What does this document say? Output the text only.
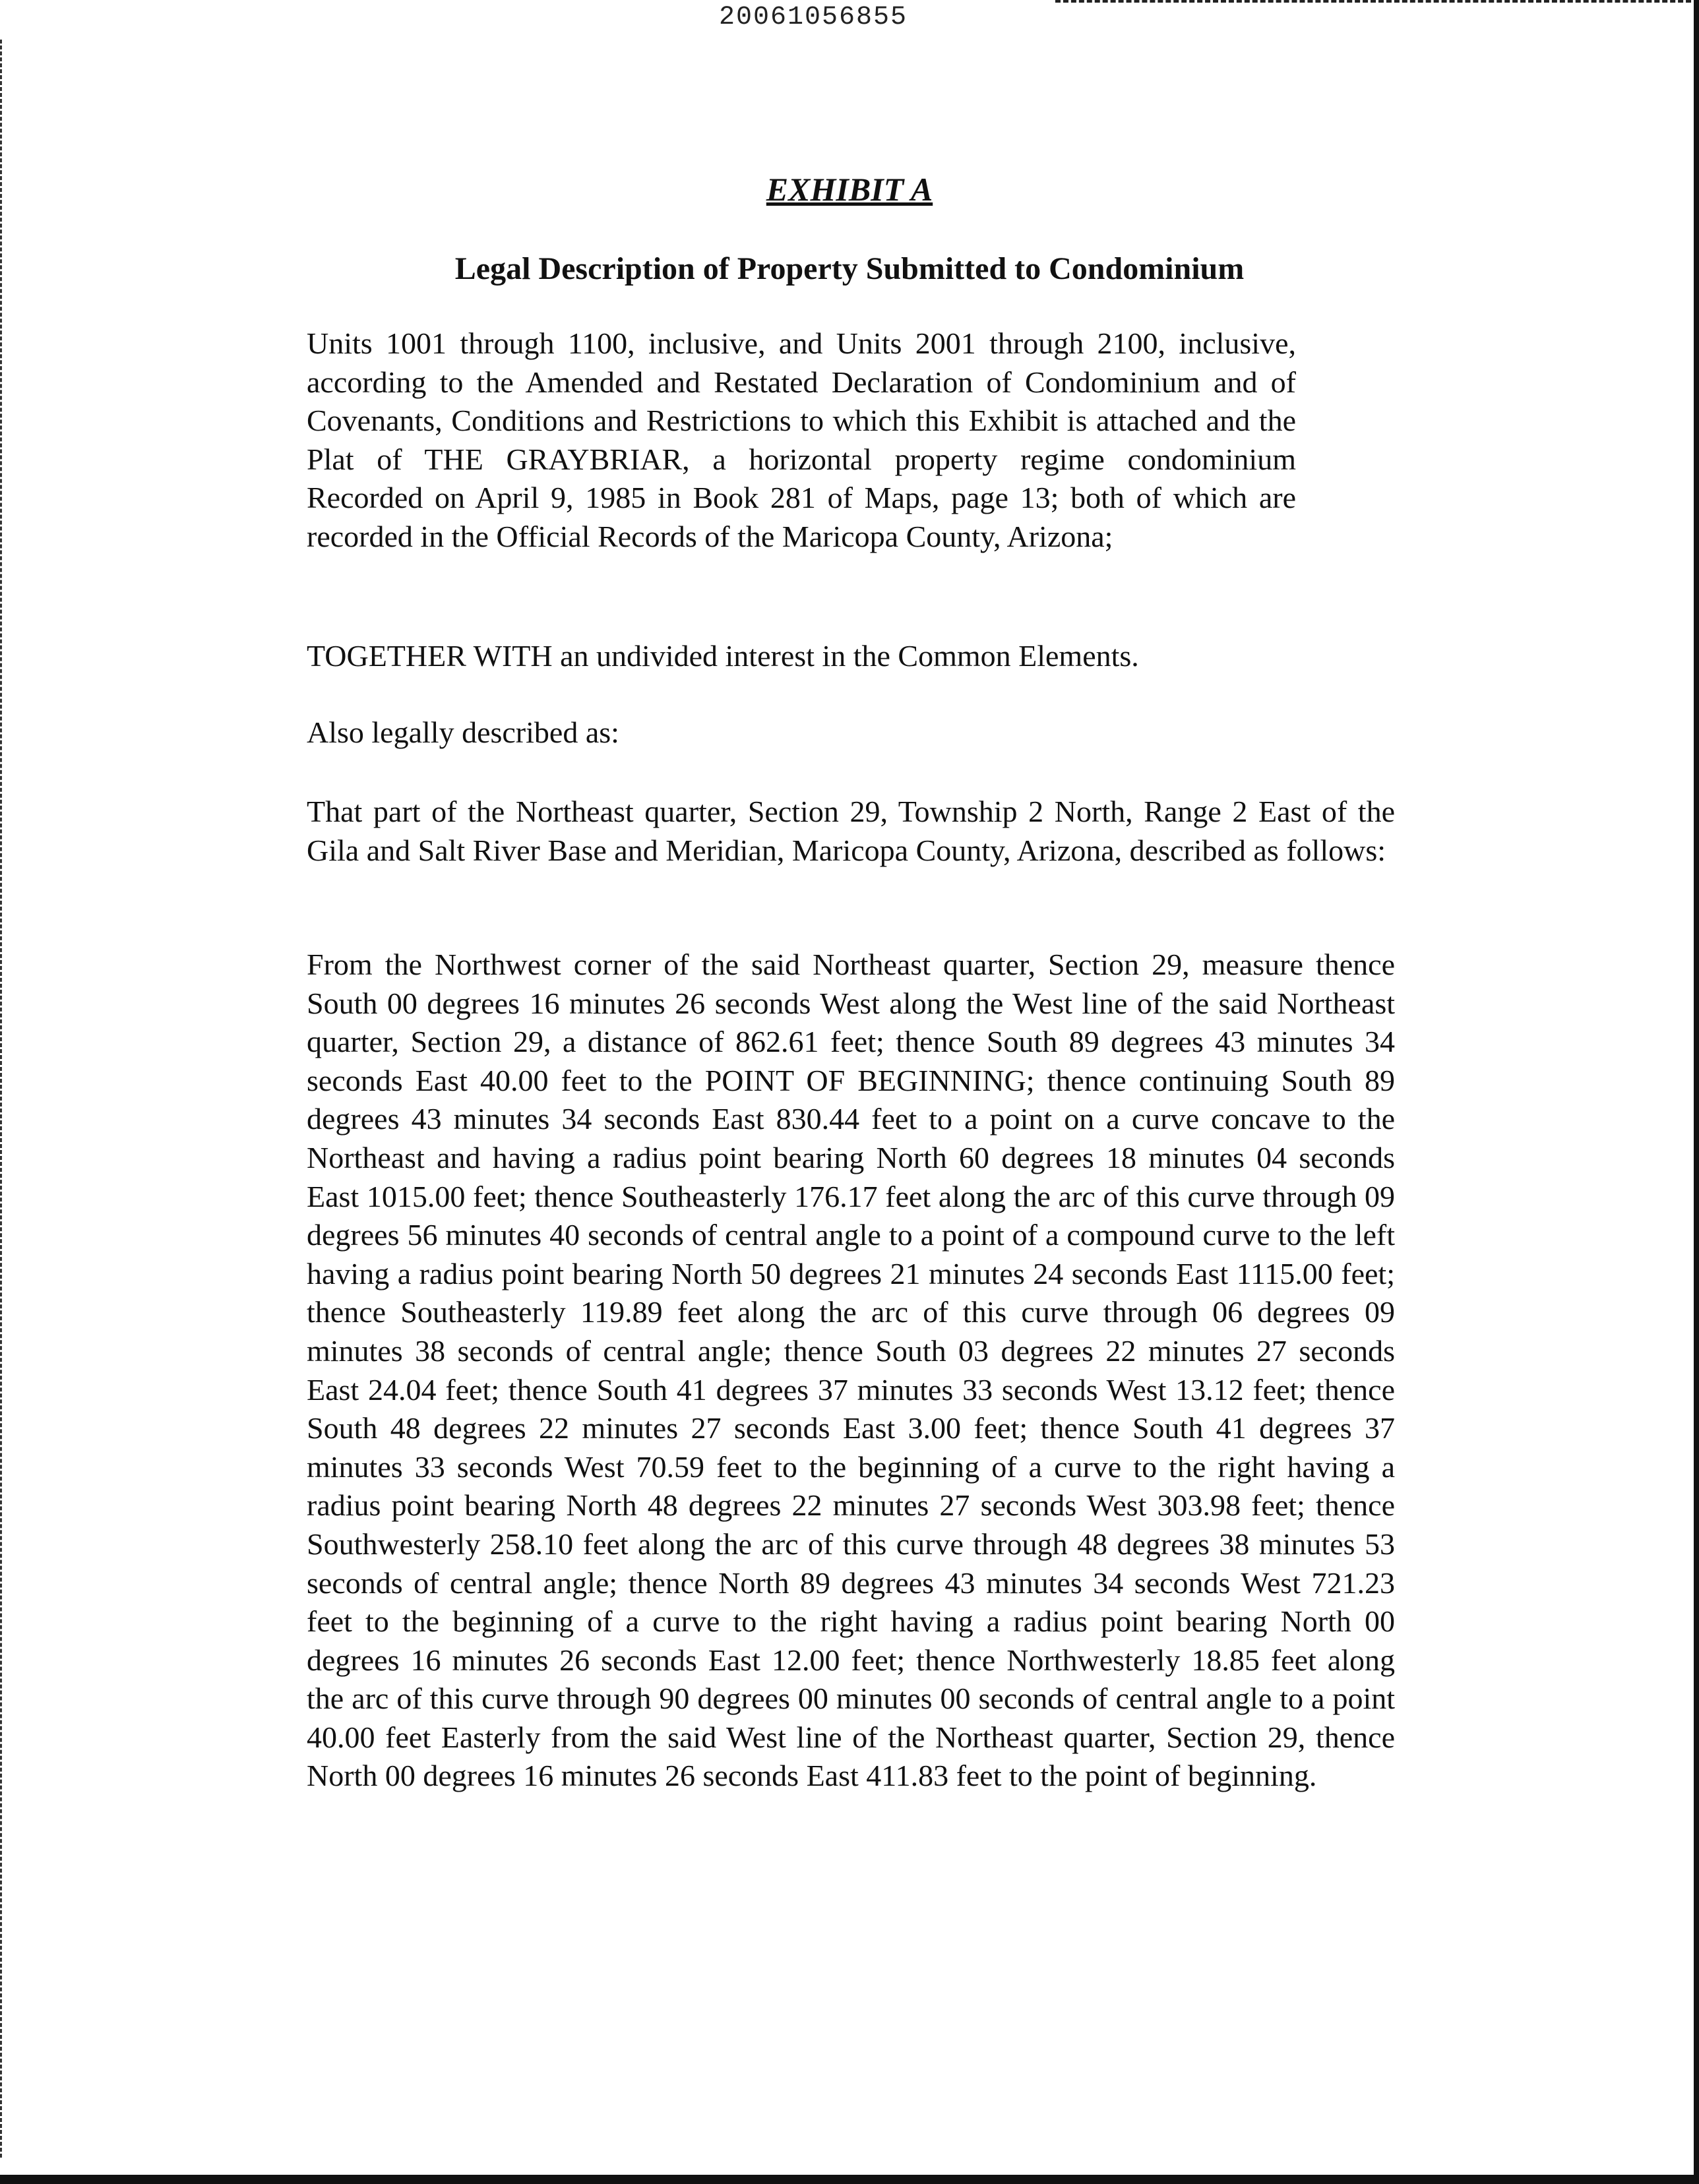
20061056855
EXHIBIT A
Legal Description of Property Submitted to Condominium

Units 1001 through 1100, inclusive, and Units 2001 through 2100, inclusive, according to the Amended and Restated Declaration of Condominium and of Covenants, Conditions and Restrictions to which this Exhibit is attached and the Plat of THE GRAYBRIAR, a horizontal property regime condominium Recorded on April 9, 1985 in Book 281 of Maps, page 13; both of which are recorded in the Official Records of the Maricopa County, Arizona;

TOGETHER WITH an undivided interest in the Common Elements.

Also legally described as:

That part of the Northeast quarter, Section 29, Township 2 North, Range 2 East of the Gila and Salt River Base and Meridian, Maricopa County, Arizona, described as follows:

From the Northwest corner of the said Northeast quarter, Section 29, measure thence South 00 degrees 16 minutes 26 seconds West along the West line of the said Northeast quarter, Section 29, a distance of 862.61 feet; thence South 89 degrees 43 minutes 34 seconds East 40.00 feet to the POINT OF BEGINNING; thence continuing South 89 degrees 43 minutes 34 seconds East 830.44 feet to a point on a curve concave to the Northeast and having a radius point bearing North 60 degrees 18 minutes 04 seconds East 1015.00 feet; thence Southeasterly 176.17 feet along the arc of this curve through 09 degrees 56 minutes 40 seconds of central angle to a point of a compound curve to the left having a radius point bearing North 50 degrees 21 minutes 24 seconds East 1115.00 feet; thence Southeasterly 119.89 feet along the arc of this curve through 06 degrees 09 minutes 38 seconds of central angle; thence South 03 degrees 22 minutes 27 seconds East 24.04 feet; thence South 41 degrees 37 minutes 33 seconds West 13.12 feet; thence South 48 degrees 22 minutes 27 seconds East 3.00 feet; thence South 41 degrees 37 minutes 33 seconds West 70.59 feet to the beginning of a curve to the right having a radius point bearing North 48 degrees 22 minutes 27 seconds West 303.98 feet; thence Southwesterly 258.10 feet along the arc of this curve through 48 degrees 38 minutes 53 seconds of central angle; thence North 89 degrees 43 minutes 34 seconds West 721.23 feet to the beginning of a curve to the right having a radius point bearing North 00 degrees 16 minutes 26 seconds East 12.00 feet; thence Northwesterly 18.85 feet along the arc of this curve through 90 degrees 00 minutes 00 seconds of central angle to a point 40.00 feet Easterly from the said West line of the Northeast quarter, Section 29, thence North 00 degrees 16 minutes 26 seconds East 411.83 feet to the point of beginning.
